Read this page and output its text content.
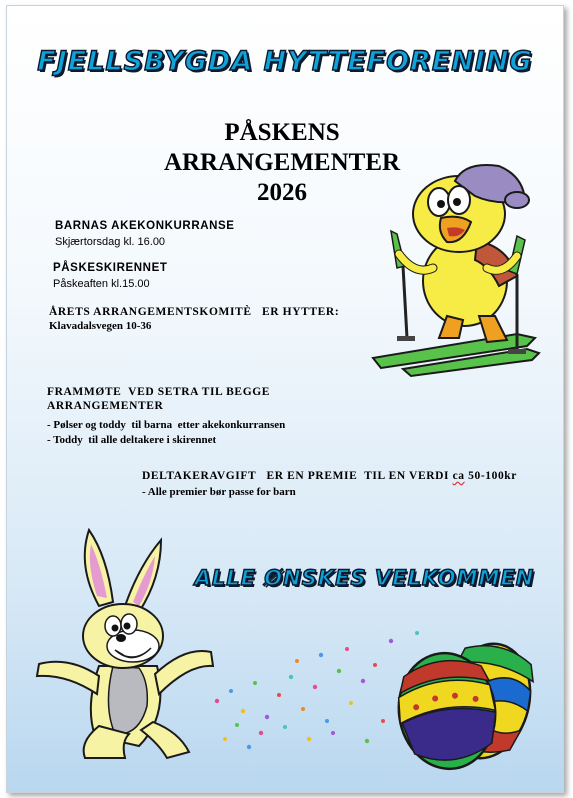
FJELLSBYGDA HYTTEFORENING
PÅSKENS
ARRANGEMENTER
2026
BARNAS AKEKONKURRANSE
Skjærtorsdag kl. 16.00
PÅSKESKIRENNET
Påskeaften kl.15.00
ÅRETS ARRANGEMENTSKOMITÈ   ER HYTTER:
Klavadalsvegen 10-36
FRAMMØTE  VED SETRA TIL BEGGE
ARRANGEMENTER
- Pølser og toddy  til barna  etter akekonkurransen
- Toddy  til alle deltakere i skirennet
DELTAKERAVGIFT   ER EN PREMIE  TIL EN VERDI ca 50-100kr
- Alle premier bør passe for barn
ALLE ØNSKES VELKOMMEN
